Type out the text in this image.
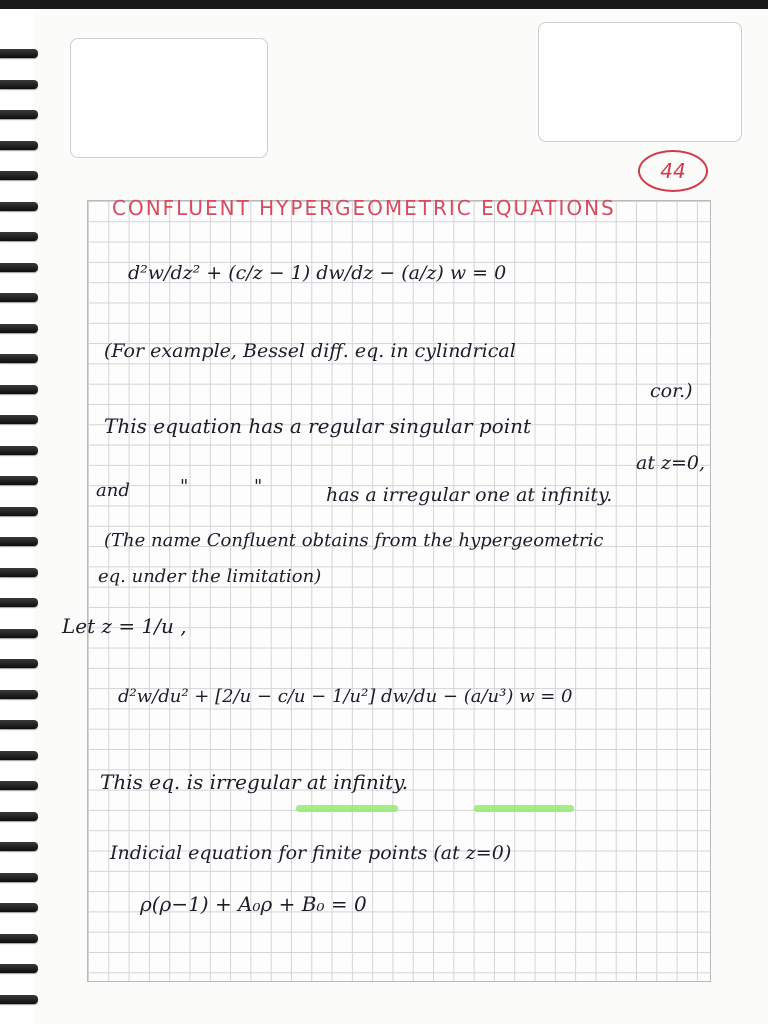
44
CONFLUENT HYPERGEOMETRIC EQUATIONS
d²w/dz² + (c/z − 1) dw/dz − (a/z) w = 0
(For example, Bessel diff. eq. in cylindrical
cor.)
This equation has a regular singular point
at z=0,
and	"	"	has a irregular one at infinity.
(The name Confluent obtains from the hypergeometric
eq. under the limitation)
Let z = 1/u ,
d²w/du² + [2/u − c/u − 1/u²] dw/du − (a/u³) w = 0
This eq. is irregular at infinity.
Indicial equation for finite points (at z=0)
ρ(ρ−1) + A₀ρ + B₀ = 0
